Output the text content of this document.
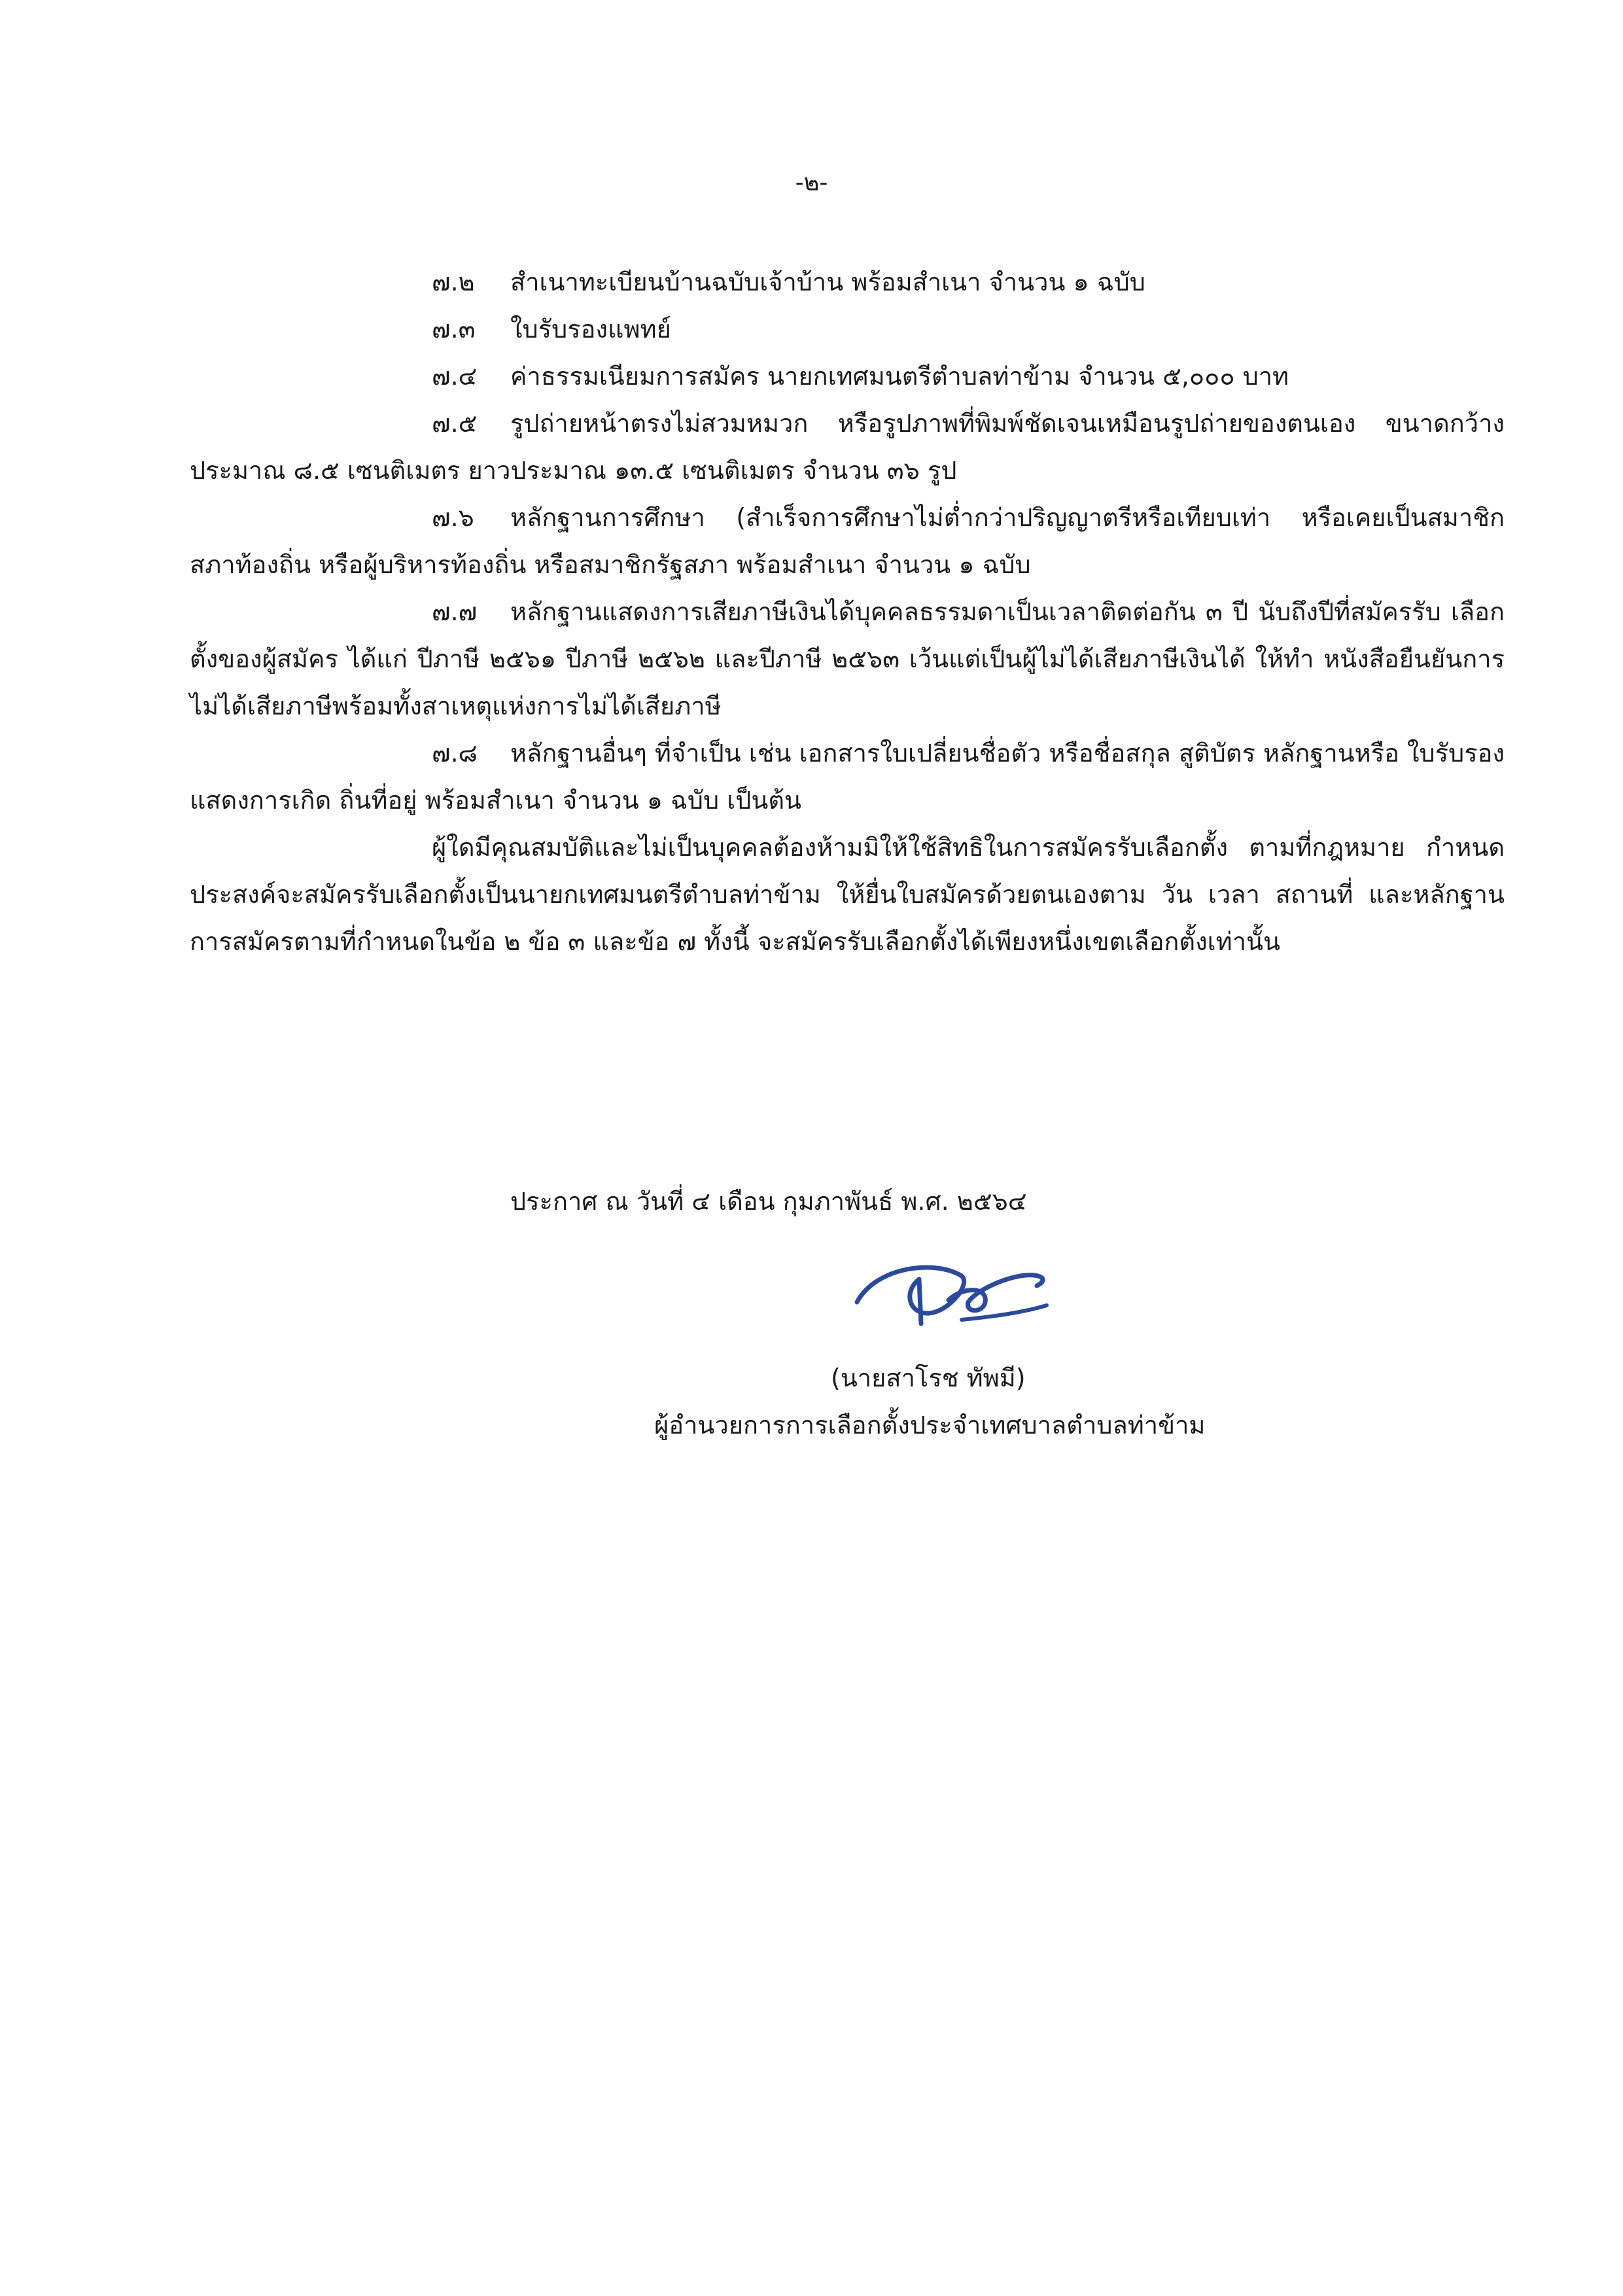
-๒-

๗.๒ สำเนาทะเบียนบ้านฉบับเจ้าบ้าน พร้อมสำเนา จำนวน ๑ ฉบับ

๗.๓ ใบรับรองแพทย์

๗.๔ ค่าธรรมเนียมการสมัคร นายกเทศมนตรีตำบลท่าข้าม จำนวน ๕,๐๐๐ บาท

๗.๕ รูปถ่ายหน้าตรงไม่สวมหมวก หรือรูปภาพที่พิมพ์ชัดเจนเหมือนรูปถ่ายของตนเอง ขนาดกว้าง ประมาณ ๘.๕ เซนติเมตร ยาวประมาณ ๑๓.๕ เซนติเมตร จำนวน ๓๖ รูป

๗.๖ หลักฐานการศึกษา (สำเร็จการศึกษาไม่ต่ำกว่าปริญญาตรีหรือเทียบเท่า หรือเคยเป็นสมาชิก สภาท้องถิ่น หรือผู้บริหารท้องถิ่น หรือสมาชิกรัฐสภา พร้อมสำเนา จำนวน ๑ ฉบับ

๗.๗ หลักฐานแสดงการเสียภาษีเงินได้บุคคลธรรมดาเป็นเวลาติดต่อกัน ๓ ปี นับถึงปีที่สมัครรับ เลือกตั้งของผู้สมัคร ได้แก่ ปีภาษี ๒๕๖๑ ปีภาษี ๒๕๖๒ และปีภาษี ๒๕๖๓ เว้นแต่เป็นผู้ไม่ได้เสียภาษีเงินได้ ให้ทำ หนังสือยืนยันการไม่ได้เสียภาษีพร้อมทั้งสาเหตุแห่งการไม่ได้เสียภาษี

๗.๘ หลักฐานอื่นๆ ที่จำเป็น เช่น เอกสารใบเปลี่ยนชื่อตัว หรือชื่อสกุล สูติบัตร หลักฐานหรือ ใบรับรองแสดงการเกิด ถิ่นที่อยู่ พร้อมสำเนา จำนวน ๑ ฉบับ เป็นต้น

ผู้ใดมีคุณสมบัติและไม่เป็นบุคคลต้องห้ามมิให้ใช้สิทธิในการสมัครรับเลือกตั้ง ตามที่กฎหมาย กำหนด ประสงค์จะสมัครรับเลือกตั้งเป็นนายกเทศมนตรีตำบลท่าข้าม ให้ยื่นใบสมัครด้วยตนเองตาม วัน เวลา สถานที่ และหลักฐานการสมัครตามที่กำหนดในข้อ ๒ ข้อ ๓ และข้อ ๗ ทั้งนี้ จะสมัครรับเลือกตั้งได้เพียงหนึ่งเขตเลือกตั้งเท่านั้น

ประกาศ ณ วันที่ ๔ เดือน กุมภาพันธ์ พ.ศ. ๒๕๖๔
(นายสาโรช ทัพมี)
ผู้อำนวยการการเลือกตั้งประจำเทศบาลตำบลท่าข้าม
